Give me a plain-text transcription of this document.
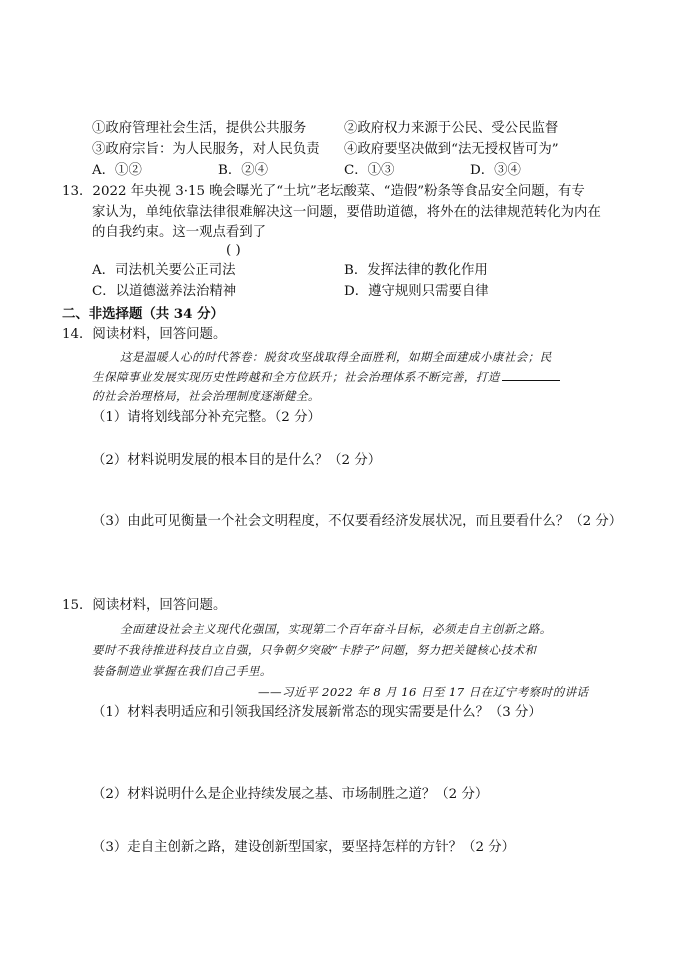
①政府管理社会生活，提供公共服务	②政府权力来源于公民、受公民监督
③政府宗旨：为人民服务，对人民负责 ④政府要坚决做到“法无授权皆可为”
A．①②	B．②④	C．①③	D．③④
13．2022 年央视 3·15 晚会曝光了“土坑”老坛酸菜、“造假”粉条等食品安全问题，有专
家认为，单纯依靠法律很难解决这一问题，要借助道德，将外在的法律规范转化为内在
的自我约束。这一观点看到了
( )
A．司法机关要公正司法	B．发挥法律的教化作用
C．以道德滋养法治精神	D．遵守规则只需要自律
二、非选择题（共 34 分）
14．阅读材料，回答问题。
这是温暖人心的时代答卷：脱贫攻坚战取得全面胜利，如期全面建成小康社会；民
生保障事业发展实现历史性跨越和全方位跃升；社会治理体系不断完善，打造
的社会治理格局，社会治理制度逐渐健全。
（1）请将划线部分补充完整。（2 分）
（2）材料说明发展的根本目的是什么？（2 分）
（3）由此可见衡量一个社会文明程度，不仅要看经济发展状况，而且要看什么？（2 分）
15．阅读材料，回答问题。
全面建设社会主义现代化强国，实现第二个百年奋斗目标，必须走自主创新之路。
要时不我待推进科技自立自强，只争朝夕突破“卡脖子”问题，努力把关键核心技术和
装备制造业掌握在我们自己手里。
——习近平 2022 年 8 月 16 日至 17 日在辽宁考察时的讲话
（1）材料表明适应和引领我国经济发展新常态的现实需要是什么？（3 分）
（2）材料说明什么是企业持续发展之基、市场制胜之道？（2 分）
（3）走自主创新之路，建设创新型国家，要坚持怎样的方针？（2 分）
